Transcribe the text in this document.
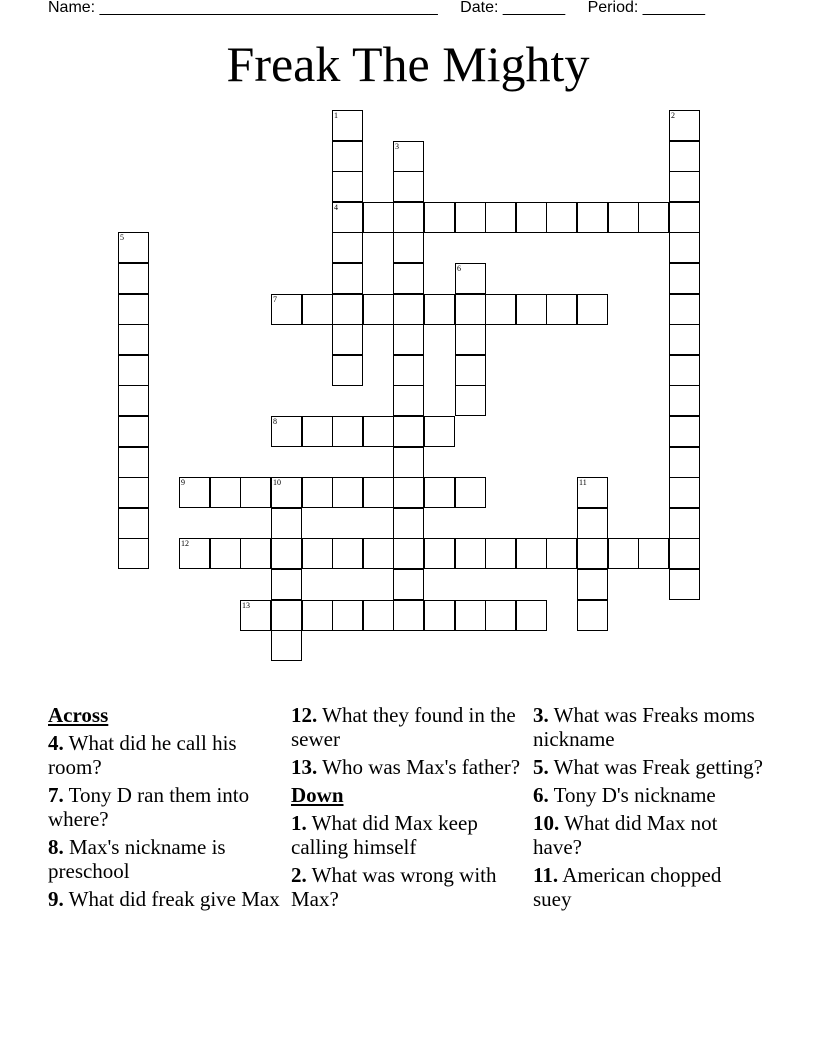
Name: ______________________________________ Date: _______ Period: _______
Freak The Mighty
1
4
2
3
5
6
7
8
9	10	11
12
13
Across
4. What did he call his room?
7. Tony D ran them into where?
8. Max's nickname is preschool
9. What did freak give Max
12. What they found in the sewer
13. Who was Max's father?
Down
1. What did Max keep calling himself
2. What was wrong with Max?
3. What was Freaks moms nickname
5. What was Freak getting?
6. Tony D's nickname
10. What did Max not have?
11. American chopped suey
